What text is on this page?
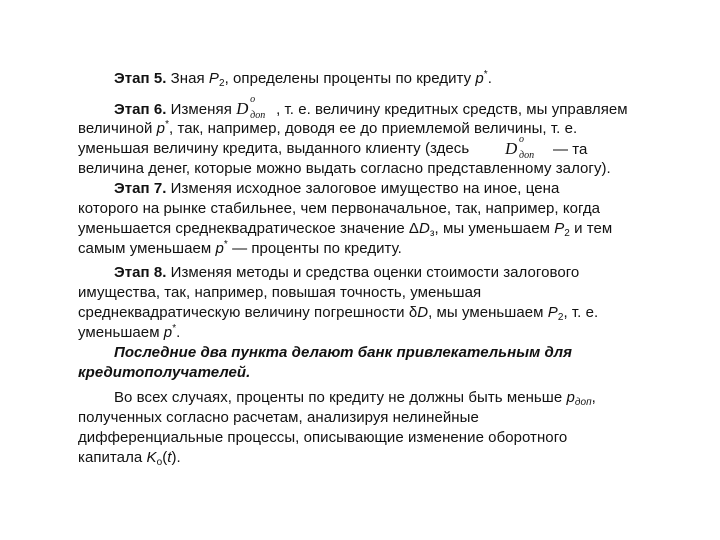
Этап 5. Зная $P_2$, определены проценты по кредиту p*.
Этап 6. Изменяя D o
доп , т. е. величину кредитных средств, мы управляем
величиной p*, так, например, доводя ее до приемлемой величины, т. е.
уменьшая величину кредита, выданного клиенту (здесь D o
доп — та
величина денег, которые можно выдать согласно представленному залогу).
Этап 7. Изменяя исходное залоговое имущество на иное, цена
которого на рынке стабильнее, чем первоначальное, так, например, когда
уменьшается среднеквадратическое значение $\Delta D_з$, мы уменьшаем $P_2$ и тем
самым уменьшаем p* — проценты по кредиту.
Этап 8. Изменяя методы и средства оценки стоимости залогового
имущества, так, например, повышая точность, уменьшая
среднеквадратическую величину погрешности δD, мы уменьшаем $P_2$, т. е.
уменьшаем p*.
Последние два пункта делают банк привлекательным для
кредитополучателей.
Во всех случаях, проценты по кредиту не должны быть меньше $p_{доп}$,
полученных согласно расчетам, анализируя нелинейные
дифференциальные процессы, описывающие изменение оборотного
капитала $K_о(t)$.
